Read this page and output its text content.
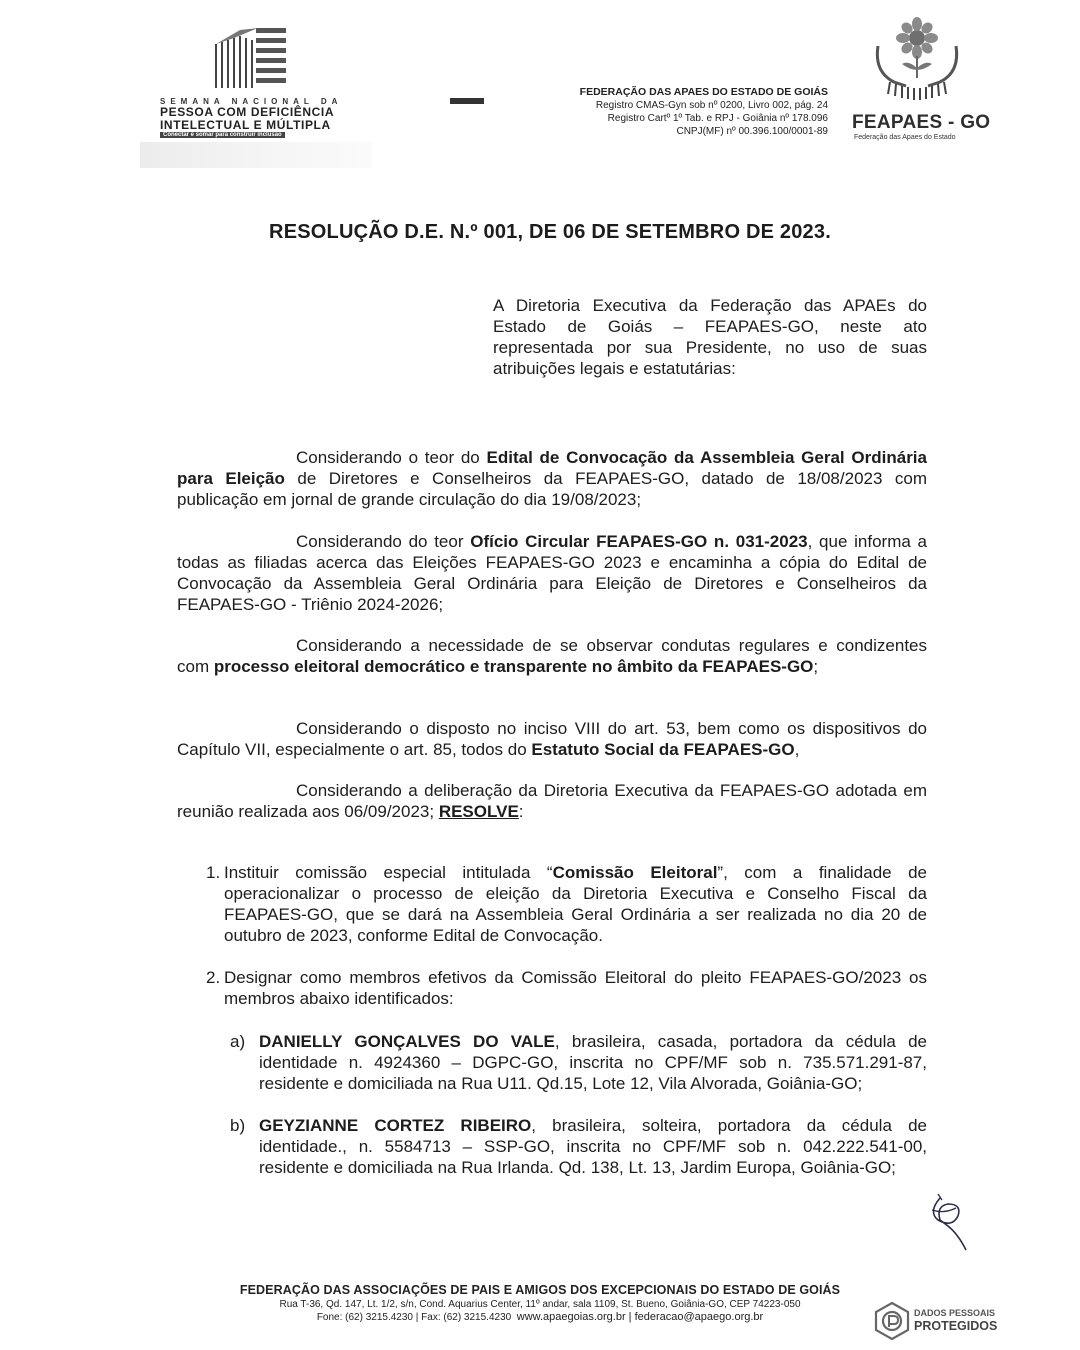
SEMANA NACIONAL DA
PESSOA COM DEFICIÊNCIA
INTELECTUAL E MÚLTIPLA
Conectar e somar para construir inclusão
FEDERAÇÃO DAS APAES DO ESTADO DE GOIÁS
Registro CMAS-Gyn sob nº 0200, Livro 002, pág. 24
Registro Cartº 1º Tab. e RPJ - Goiânia nº 178.096
CNPJ(MF) nº 00.396.100/0001-89 FEAPAES - GO
Federação das Apaes do Estado
RESOLUÇÃO D.E. N.º 001, DE 06 DE SETEMBRO DE 2023.
A Diretoria Executiva da Federação das APAEs do Estado de Goiás – FEAPAES-GO, neste ato representada por sua Presidente, no uso de suas atribuições legais e estatutárias:
Considerando o teor do Edital de Convocação da Assembleia Geral Ordinária para Eleição de Diretores e Conselheiros da FEAPAES-GO, datado de 18/08/2023 com publicação em jornal de grande circulação do dia 19/08/2023;
Considerando do teor Ofício Circular FEAPAES-GO n. 031-2023, que informa a todas as filiadas acerca das Eleições FEAPAES-GO 2023 e encaminha a cópia do Edital de Convocação da Assembleia Geral Ordinária para Eleição de Diretores e Conselheiros da FEAPAES-GO - Triênio 2024-2026;
Considerando a necessidade de se observar condutas regulares e condizentes com processo eleitoral democrático e transparente no âmbito da FEAPAES-GO;
Considerando o disposto no inciso VIII do art. 53, bem como os dispositivos do Capítulo VII, especialmente o art. 85, todos do Estatuto Social da FEAPAES-GO,
Considerando a deliberação da Diretoria Executiva da FEAPAES-GO adotada em reunião realizada aos 06/09/2023; RESOLVE:
1. Instituir comissão especial intitulada “Comissão Eleitoral”, com a finalidade de operacionalizar o processo de eleição da Diretoria Executiva e Conselho Fiscal da FEAPAES-GO, que se dará na Assembleia Geral Ordinária a ser realizada no dia 20 de outubro de 2023, conforme Edital de Convocação.
2. Designar como membros efetivos da Comissão Eleitoral do pleito FEAPAES-GO/2023 os membros abaixo identificados:
a) DANIELLY GONÇALVES DO VALE, brasileira, casada, portadora da cédula de identidade n. 4924360 – DGPC-GO, inscrita no CPF/MF sob n. 735.571.291-87, residente e domiciliada na Rua U11. Qd.15, Lote 12, Vila Alvorada, Goiânia-GO;
b) GEYZIANNE CORTEZ RIBEIRO, brasileira, solteira, portadora da cédula de identidade., n. 5584713 – SSP-GO, inscrita no CPF/MF sob n. 042.222.541-00, residente e domiciliada na Rua Irlanda. Qd. 138, Lt. 13, Jardim Europa, Goiânia-GO;
FEDERAÇÃO DAS ASSOCIAÇÕES DE PAIS E AMIGOS DOS EXCEPCIONAIS DO ESTADO DE GOIÁS
Rua T-36, Qd. 147, Lt. 1/2, s/n, Cond. Aquarius Center, 11º andar, sala 1109, St. Bueno, Goiânia-GO, CEP 74223-050
Fone: (62) 3215.4230 | Fax: (62) 3215.4230 www.apaegoias.org.br | federacao@apaego.org.br	DADOS PESSOAIS
PROTEGIDOS
